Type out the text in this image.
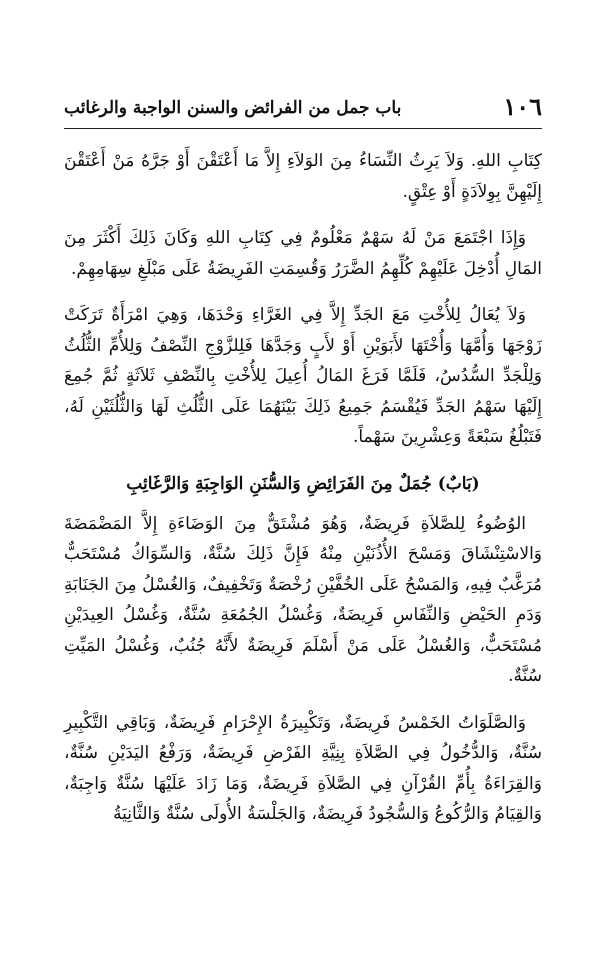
١٠٦
باب جمل من الفرائض والسنن الواجبة والرغائب

كِتَابِ اللهِ. وَلاَ يَرِثُ النِّسَاءُ مِنَ الوَلاَءِ إِلاَّ مَا أَعْتَقْنَ أَوْ جَرَّهُ مَنْ أَعْتَقْنَ إِلَيْهِنَّ بِوِلاَدَةٍ أَوْ عِتْقٍ.

وَإِذَا اجْتَمَعَ مَنْ لَهُ سَهْمٌ مَعْلُومٌ فِي كِتَابِ اللهِ وَكَانَ ذَلِكَ أَكْثَرَ مِنَ المَالِ أُدْخِلَ عَلَيْهِمْ كُلِّهِمُ الضَّرَرُ وَقُسِمَتِ الفَرِيضَةُ عَلَى مَبْلَغِ سِهَامِهِمْ.

وَلاَ يُعَالُ لِلأُخْتِ مَعَ الجَدِّ إِلاَّ فِي الغَرَّاءِ وَحْدَهَا، وَهِيَ امْرَأَةٌ تَرَكَتْ زَوْجَهَا وَأُمَّهَا وَأُخْتَهَا لأَبَوَيْنِ أَوْ لأَبٍ وَجَدَّهَا فَلِلزَّوْجِ النِّصْفُ وَلِلأُمِّ الثُّلُثُ وَلِلْجَدِّ السُّدُسُ، فَلَمَّا فَرَغَ المَالُ أُعِيلَ لِلأُخْتِ بِالنِّصْفِ ثَلاَثَةٍ ثُمَّ جُمِعَ إِلَيْهَا سَهْمُ الجَدِّ فَيُقْسَمُ جَمِيعُ ذَلِكَ بَيْنَهُمَا عَلَى الثُّلُثِ لَهَا وَالثُّلُثَيْنِ لَهُ، فَتَبْلُغُ سَبْعَةً وَعِشْرِينَ سَهْماً.

(بَابٌ) جُمَلٌ مِنَ الفَرَائِضِ وَالسُّنَنِ الوَاجِبَةِ وَالرَّغَائِبِ

الوُضُوءُ لِلصَّلاَةِ فَرِيضَةٌ، وَهُوَ مُشْتَقٌّ مِنَ الوَضَاءَةِ إِلاَّ المَضْمَضَةَ وَالاسْتِنْشَاقَ وَمَسْحَ الأُذُنَيْنِ مِنْهُ فَإِنَّ ذَلِكَ سُنَّةٌ، وَالسِّوَاكُ مُسْتَحَبٌّ مُرَغَّبٌ فِيهِ، وَالمَسْحُ عَلَى الخُفَّيْنِ رُخْصَةٌ وَتَخْفِيفٌ، وَالغُسْلُ مِنَ الجَنَابَةِ وَدَمِ الحَيْضِ وَالنِّفَاسِ فَرِيضَةٌ، وَغُسْلُ الجُمُعَةِ سُنَّةٌ، وَغُسْلُ العِيدَيْنِ مُسْتَحَبٌّ، وَالغُسْلُ عَلَى مَنْ أَسْلَمَ فَرِيضَةٌ لأَنَّهُ جُنُبٌ، وَغُسْلُ المَيِّتِ سُنَّةٌ.

وَالصَّلَوَاتُ الخَمْسُ فَرِيضَةٌ، وَتَكْبِيرَةُ الإِحْرَامِ فَرِيضَةٌ، وَبَاقِي التَّكْبِيرِ سُنَّةٌ، وَالدُّخُولُ فِي الصَّلاَةِ بِنِيَّةِ الفَرْضِ فَرِيضَةٌ، وَرَفْعُ اليَدَيْنِ سُنَّةٌ، وَالقِرَاءَةُ بِأُمِّ القُرْآنِ فِي الصَّلاَةِ فَرِيضَةٌ، وَمَا زَادَ عَلَيْهَا سُنَّةٌ وَاجِبَةٌ، وَالقِيَامُ وَالرُّكُوعُ وَالسُّجُودُ فَرِيضَةٌ، وَالجَلْسَةُ الأُولَى سُنَّةٌ وَالثَّانِيَةُ
